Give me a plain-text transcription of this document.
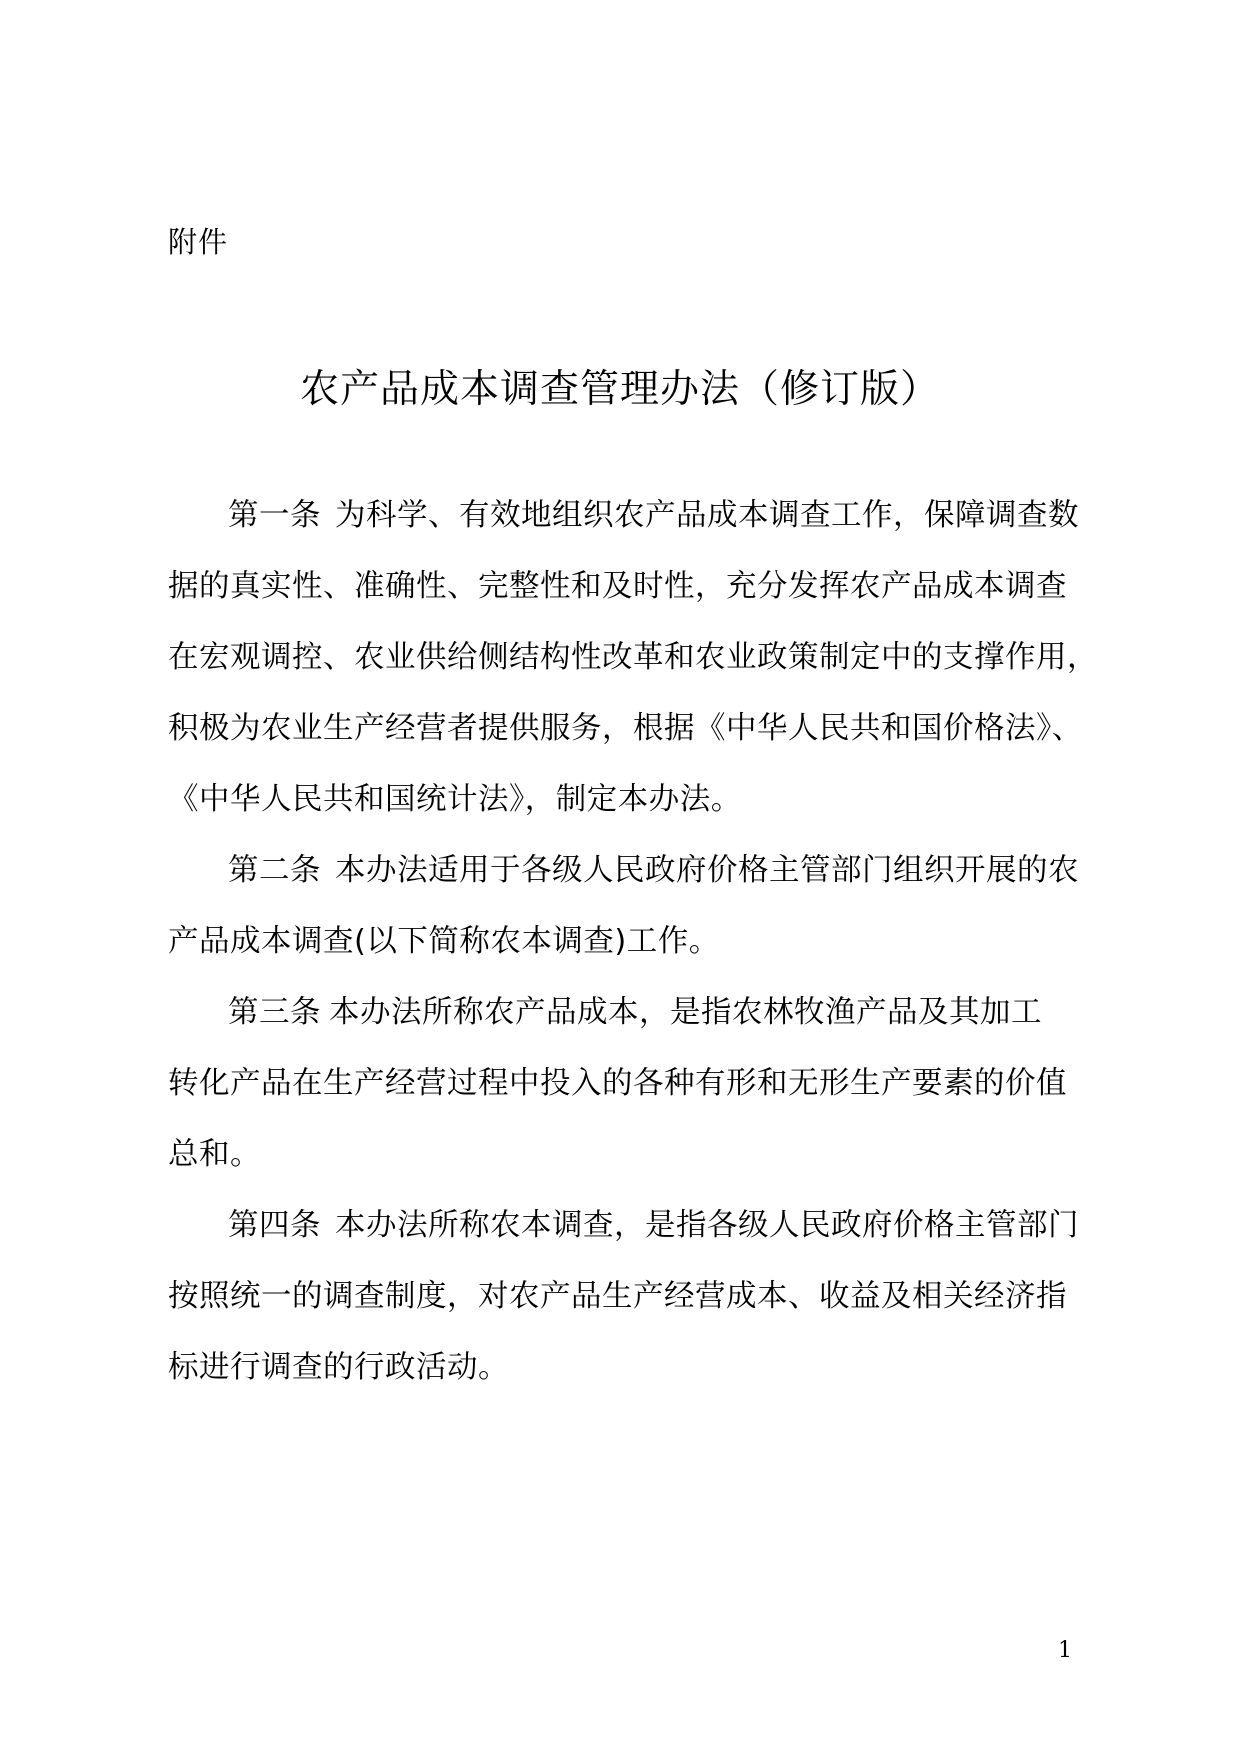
附件
农产品成本调查管理办法（修订版）
第一条 为科学、有效地组织农产品成本调查工作，保障调查数
据的真实性、准确性、完整性和及时性，充分发挥农产品成本调查
在宏观调控、农业供给侧结构性改革和农业政策制定中的支撑作用，
积极为农业生产经营者提供服务，根据《中华人民共和国价格法》、
《中华人民共和国统计法》，制定本办法。
第二条 本办法适用于各级人民政府价格主管部门组织开展的农
产品成本调查(以下简称农本调查)工作。
第三条 本办法所称农产品成本，是指农林牧渔产品及其加工
转化产品在生产经营过程中投入的各种有形和无形生产要素的价值
总和。
第四条 本办法所称农本调查，是指各级人民政府价格主管部门
按照统一的调查制度，对农产品生产经营成本、收益及相关经济指
标进行调查的行政活动。
1
